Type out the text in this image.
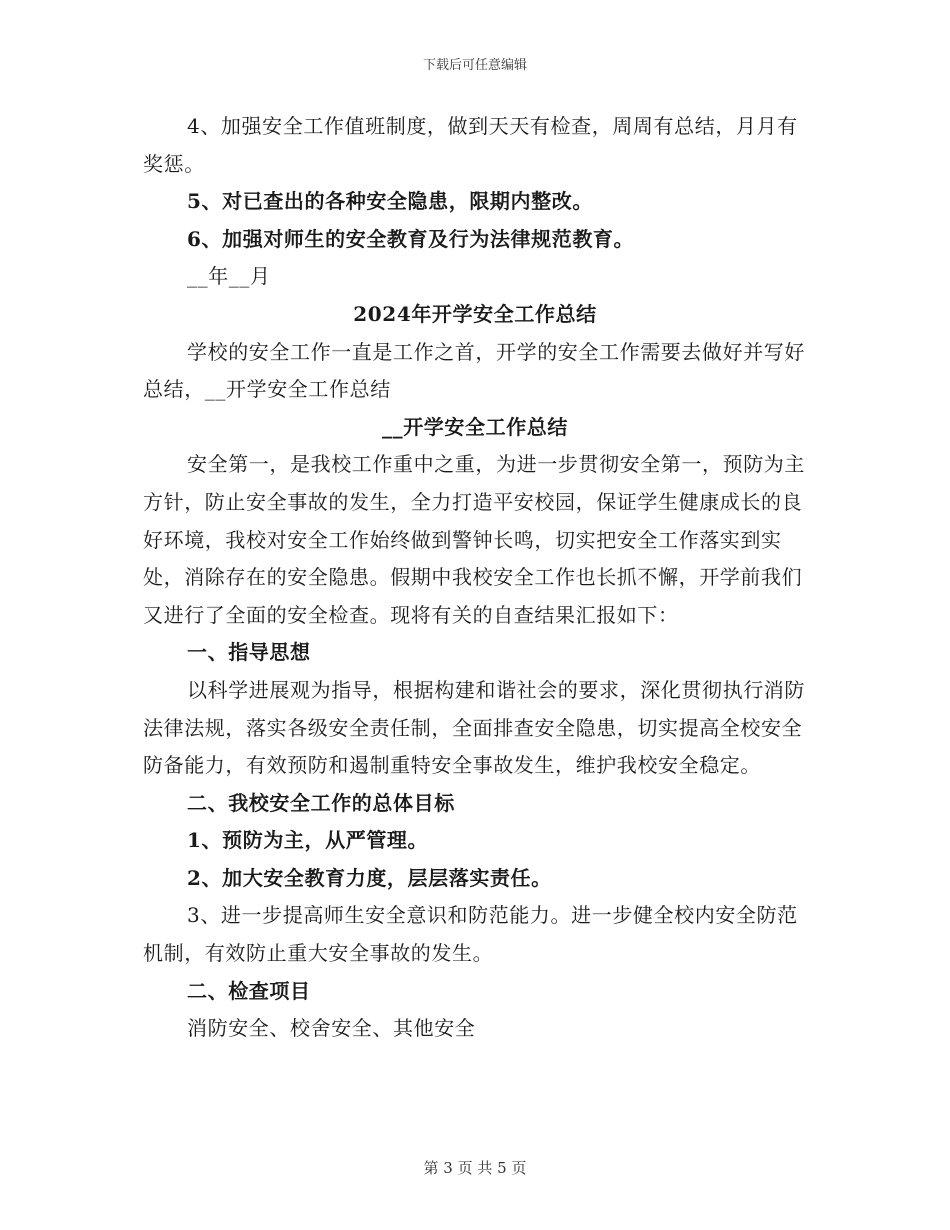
下载后可任意编辑

4、加强安全工作值班制度，做到天天有检查，周周有总结，月月有奖惩。

5、对已查出的各种安全隐患，限期内整改。

6、加强对师生的安全教育及行为法律规范教育。

__年__月

2024年开学安全工作总结

学校的安全工作一直是工作之首，开学的安全工作需要去做好并写好总结，__开学安全工作总结

__开学安全工作总结

安全第一，是我校工作重中之重，为进一步贯彻安全第一，预防为主方针，防止安全事故的发生，全力打造平安校园，保证学生健康成长的良好环境，我校对安全工作始终做到警钟长鸣，切实把安全工作落实到实处，消除存在的安全隐患。假期中我校安全工作也长抓不懈，开学前我们又进行了全面的安全检查。现将有关的自查结果汇报如下：

一、指导思想

以科学进展观为指导，根据构建和谐社会的要求，深化贯彻执行消防法律法规，落实各级安全责任制，全面排查安全隐患，切实提高全校安全防备能力，有效预防和遏制重特安全事故发生，维护我校安全稳定。

二、我校安全工作的总体目标

1、预防为主，从严管理。

2、加大安全教育力度，层层落实责任。

3、进一步提高师生安全意识和防范能力。进一步健全校内安全防范机制，有效防止重大安全事故的发生。

二、检查项目

消防安全、校舍安全、其他安全

第 3 页 共 5 页
